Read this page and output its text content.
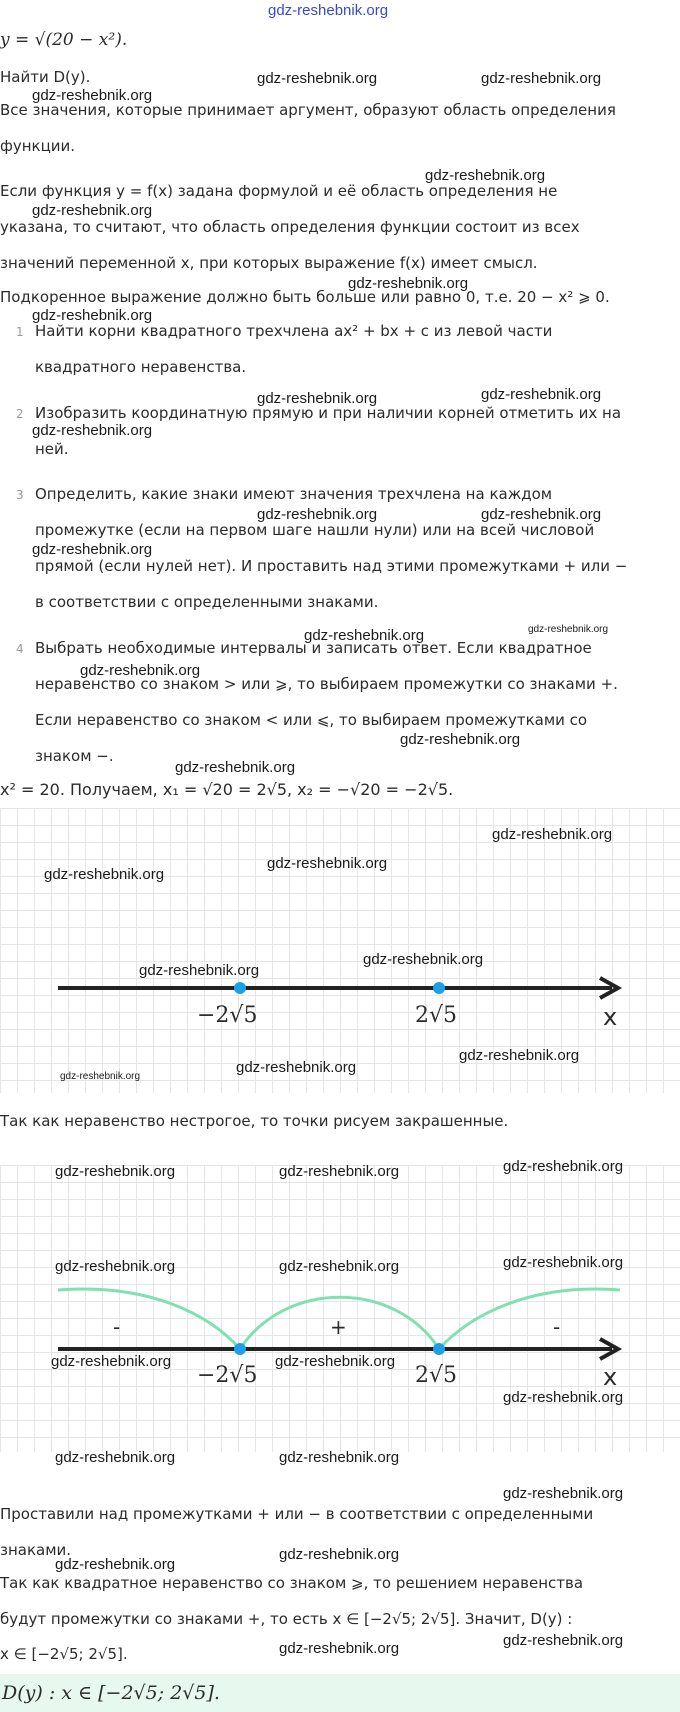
gdz-reshebnik.org
y = √(20 − x²).
Найти D(y).
Все значения, которые принимает аргумент, образуют область определения
функции.
Если функция y = f(x) задана формулой и её область определения не
указана, то считают, что область определения функции состоит из всех
значений переменной x, при которых выражение f(x) имеет смысл.
Подкоренное выражение должно быть больше или равно 0, т.е. 20 − x² ⩾ 0.
1 Найти корни квадратного трехчлена ax² + bx + c из левой части
квадратного неравенства.
2 Изобразить координатную прямую и при наличии корней отметить их на
ней.
3 Определить, какие знаки имеют значения трехчлена на каждом
промежутке (если на первом шаге нашли нули) или на всей числовой
прямой (если нулей нет). И проставить над этими промежутками + или −
в соответствии с определенными знаками.
4 Выбрать необходимые интервалы и записать ответ. Если квадратное
неравенство со знаком > или ⩾, то выбираем промежутки со знаками +.
Если неравенство со знаком < или ⩽, то выбираем промежутками со
знаком −.
x² = 20. Получаем, x₁ = √20 = 2√5, x₂ = −√20 = −2√5.
−2√5	2√5	x
Так как неравенство нестрогое, то точки рисуем закрашенные.
-	+	-
−2√5	2√5	x
Проставили над промежутками + или − в соответствии с определенными
знаками.
Так как квадратное неравенство со знаком ⩾, то решением неравенства
будут промежутки со знаками +, то есть x ∈ [−2√5; 2√5]. Значит, D(y) :
x ∈ [−2√5; 2√5].
D(y) : x ∈ [−2√5; 2√5].
gdz-reshebnik.org	gdz-reshebnik.org
gdz-reshebnik.org
gdz-reshebnik.org
gdz-reshebnik.org
gdz-reshebnik.org
gdz-reshebnik.org
gdz-reshebnik.org	gdz-reshebnik.org
gdz-reshebnik.org
gdz-reshebnik.org	gdz-reshebnik.org
gdz-reshebnik.org
gdz-reshebnik.org	gdz-reshebnik.org
gdz-reshebnik.org
gdz-reshebnik.org
gdz-reshebnik.org
gdz-reshebnik.org
gdz-reshebnik.org
gdz-reshebnik.org
gdz-reshebnik.org
gdz-reshebnik.org
gdz-reshebnik.org
gdz-reshebnik.org
gdz-reshebnik.org
gdz-reshebnik.org	gdz-reshebnik.org	gdz-reshebnik.org
gdz-reshebnik.org	gdz-reshebnik.org	gdz-reshebnik.org
gdz-reshebnik.org	gdz-reshebnik.org
gdz-reshebnik.org
gdz-reshebnik.org	gdz-reshebnik.org
gdz-reshebnik.org
gdz-reshebnik.org
gdz-reshebnik.org
gdz-reshebnik.org
gdz-reshebnik.org
